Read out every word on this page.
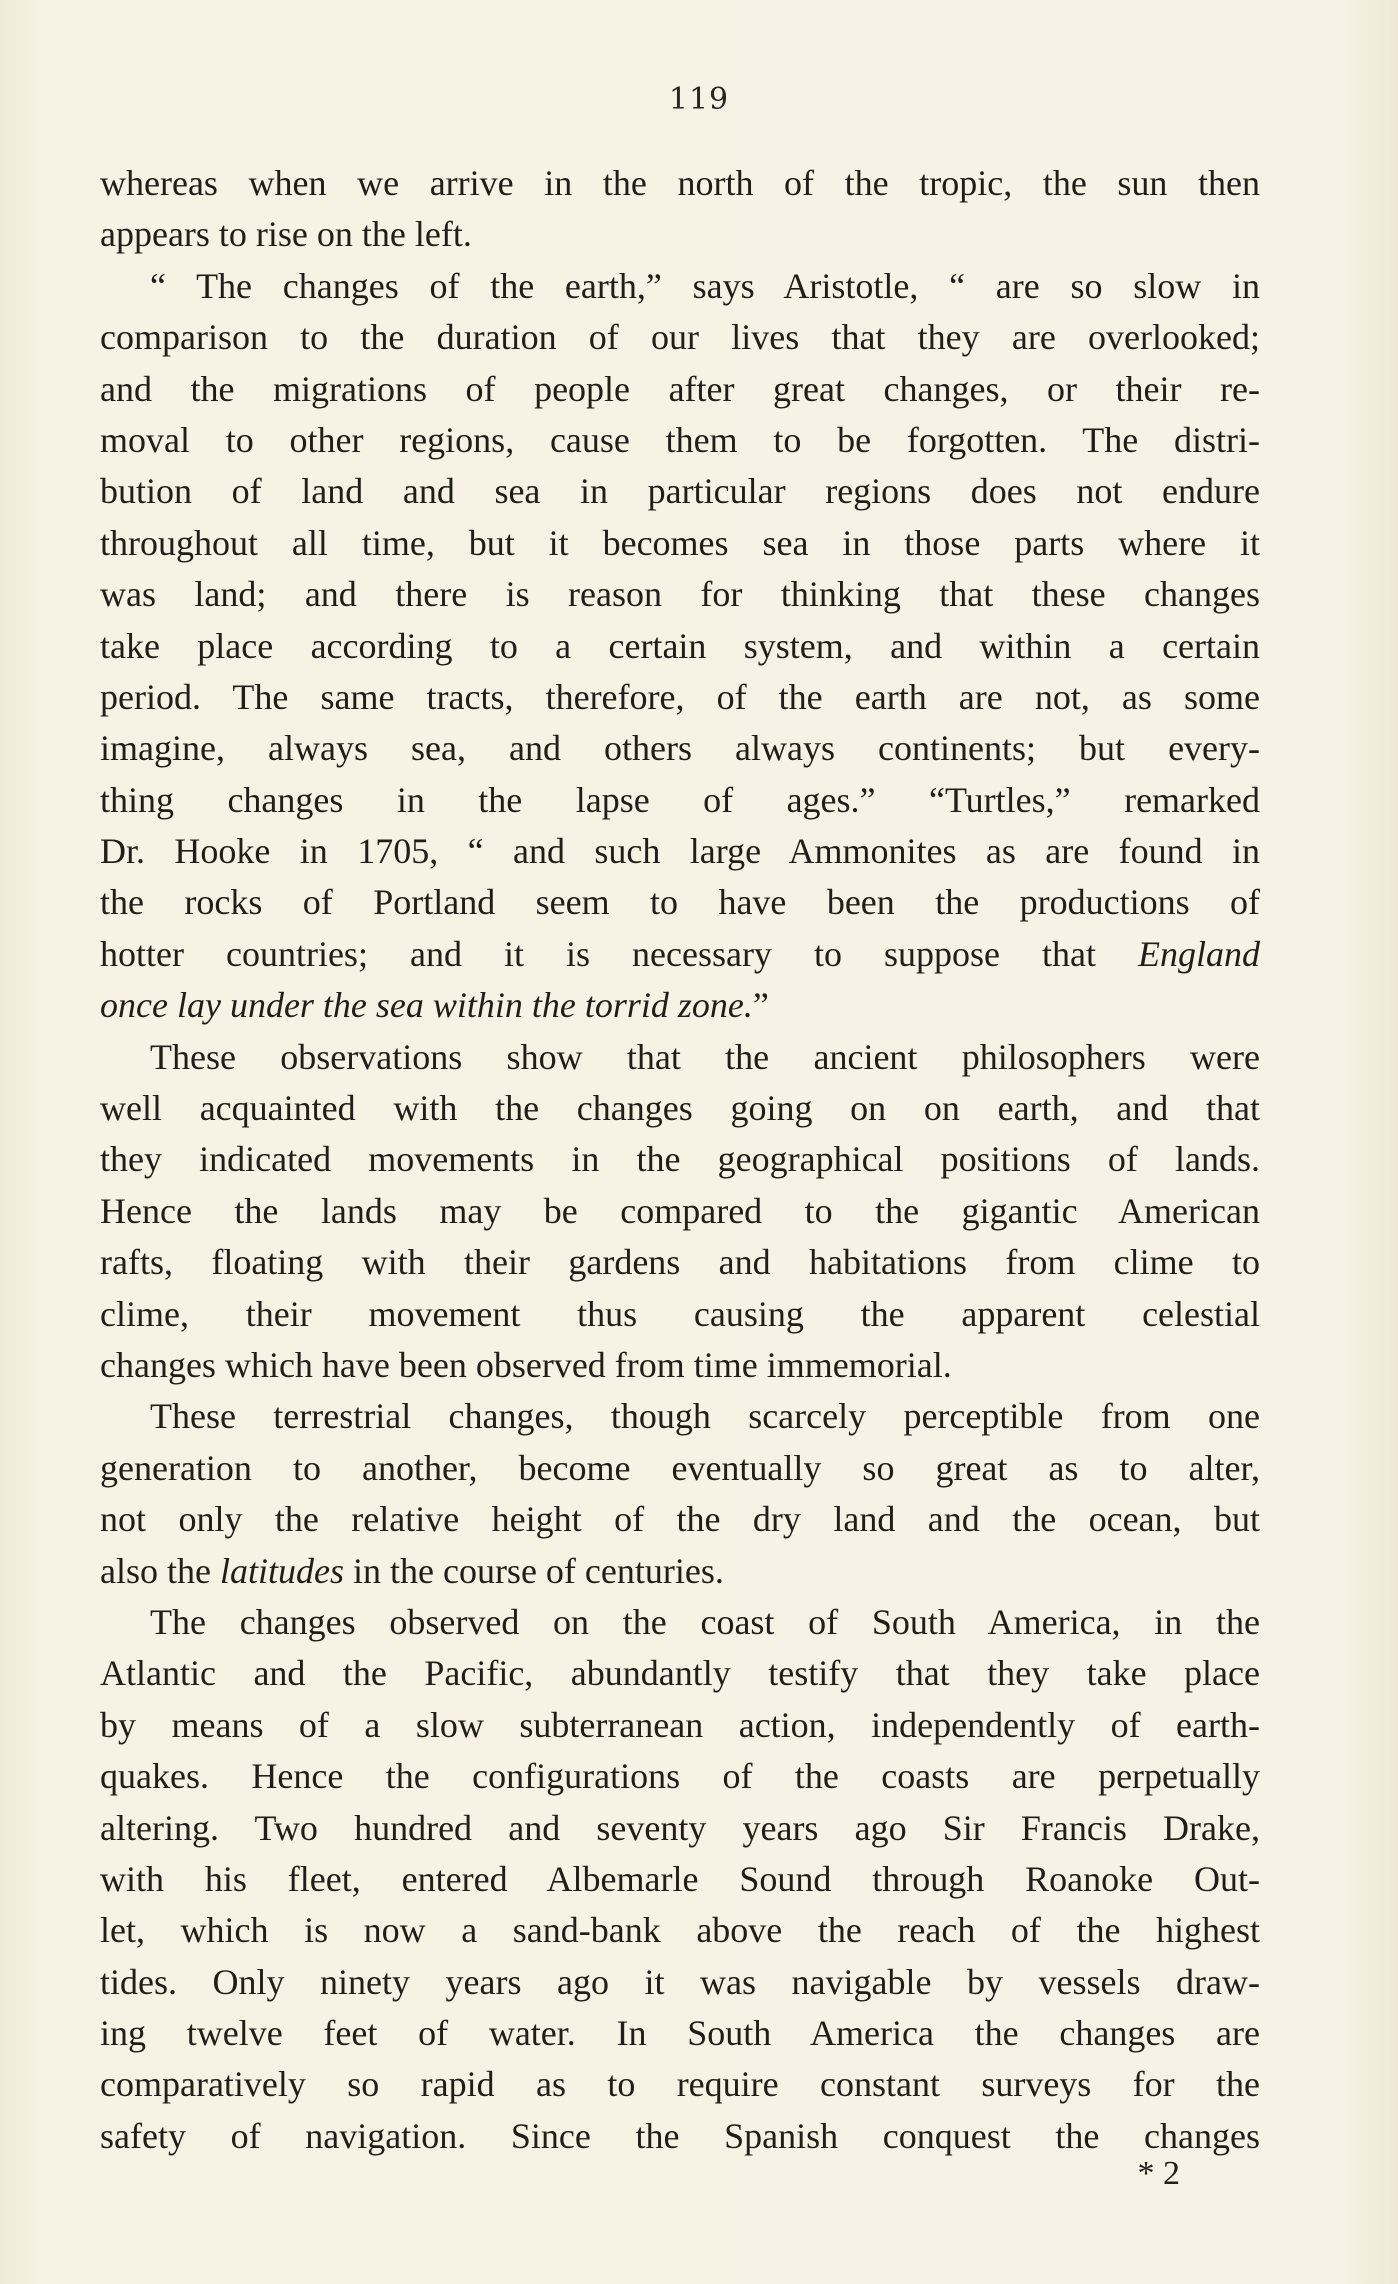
119
whereas when we arrive in the north of the tropic, the sun then
appears to rise on the left.
“ The changes of the earth,” says Aristotle, “ are so slow in
comparison to the duration of our lives that they are overlooked;
and the migrations of people after great changes, or their re-
moval to other regions, cause them to be forgotten. The distri-
bution of land and sea in particular regions does not endure
throughout all time, but it becomes sea in those parts where it
was land; and there is reason for thinking that these changes
take place according to a certain system, and within a certain
period. The same tracts, therefore, of the earth are not, as some
imagine, always sea, and others always continents; but every-
thing changes in the lapse of ages.” “Turtles,” remarked
Dr. Hooke in 1705, “ and such large Ammonites as are found in
the rocks of Portland seem to have been the productions of
hotter countries; and it is necessary to suppose that England
once lay under the sea within the torrid zone.”
These observations show that the ancient philosophers were
well acquainted with the changes going on on earth, and that
they indicated movements in the geographical positions of lands.
Hence the lands may be compared to the gigantic American
rafts, floating with their gardens and habitations from clime to
clime, their movement thus causing the apparent celestial
changes which have been observed from time immemorial.
These terrestrial changes, though scarcely perceptible from one
generation to another, become eventually so great as to alter,
not only the relative height of the dry land and the ocean, but
also the latitudes in the course of centuries.
The changes observed on the coast of South America, in the
Atlantic and the Pacific, abundantly testify that they take place
by means of a slow subterranean action, independently of earth-
quakes. Hence the configurations of the coasts are perpetually
altering. Two hundred and seventy years ago Sir Francis Drake,
with his fleet, entered Albemarle Sound through Roanoke Out-
let, which is now a sand-bank above the reach of the highest
tides. Only ninety years ago it was navigable by vessels draw-
ing twelve feet of water. In South America the changes are
comparatively so rapid as to require constant surveys for the
safety of navigation. Since the Spanish conquest the changes
* 2
